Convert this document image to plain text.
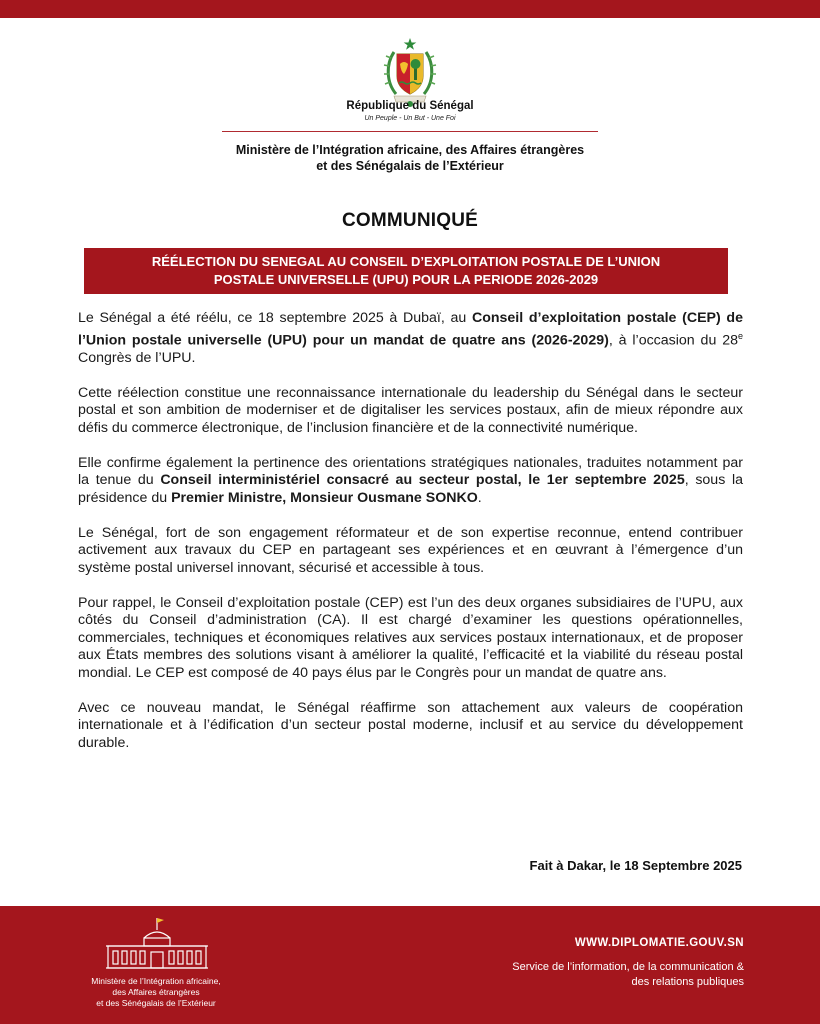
République du Sénégal
Un Peuple - Un But - Une Foi
Ministère de l’Intégration africaine, des Affaires étrangères
et des Sénégalais de l’Extérieur
COMMUNIQUÉ
RÉÉLECTION DU SENEGAL AU CONSEIL D’EXPLOITATION POSTALE DE L’UNION
POSTALE UNIVERSELLE (UPU) POUR LA PERIODE 2026-2029

Le Sénégal a été réélu, ce 18 septembre 2025 à Dubaï, au Conseil d’exploitation postale (CEP) de l’Union postale universelle (UPU) pour un mandat de quatre ans (2026-2029), à l’occasion du 28e Congrès de l’UPU.

Cette réélection constitue une reconnaissance internationale du leadership du Sénégal dans le secteur postal et son ambition de moderniser et de digitaliser les services postaux, afin de mieux répondre aux défis du commerce électronique, de l’inclusion financière et de la connectivité numérique.

Elle confirme également la pertinence des orientations stratégiques nationales, traduites notamment par la tenue du Conseil interministériel consacré au secteur postal, le 1er septembre 2025, sous la présidence du Premier Ministre, Monsieur Ousmane SONKO.

Le Sénégal, fort de son engagement réformateur et de son expertise reconnue, entend contribuer activement aux travaux du CEP en partageant ses expériences et en œuvrant à l’émergence d’un système postal universel innovant, sécurisé et accessible à tous.

Pour rappel, le Conseil d’exploitation postale (CEP) est l’un des deux organes subsidiaires de l’UPU, aux côtés du Conseil d’administration (CA). Il est chargé d’examiner les questions opérationnelles, commerciales, techniques et économiques relatives aux services postaux internationaux, et de proposer aux États membres des solutions visant à améliorer la qualité, l’efficacité et la viabilité du réseau postal mondial. Le CEP est composé de 40 pays élus par le Congrès pour un mandat de quatre ans.

Avec ce nouveau mandat, le Sénégal réaffirme son attachement aux valeurs de coopération internationale et à l’édification d’un secteur postal moderne, inclusif et au service du développement durable.

Fait à Dakar, le 18 Septembre 2025
Ministère de l’Intégration africaine,
des Affaires étrangères
et des Sénégalais de l’Extérieur
WWW.DIPLOMATIE.GOUV.SN
Service de l’information, de la communication &
des relations publiques
